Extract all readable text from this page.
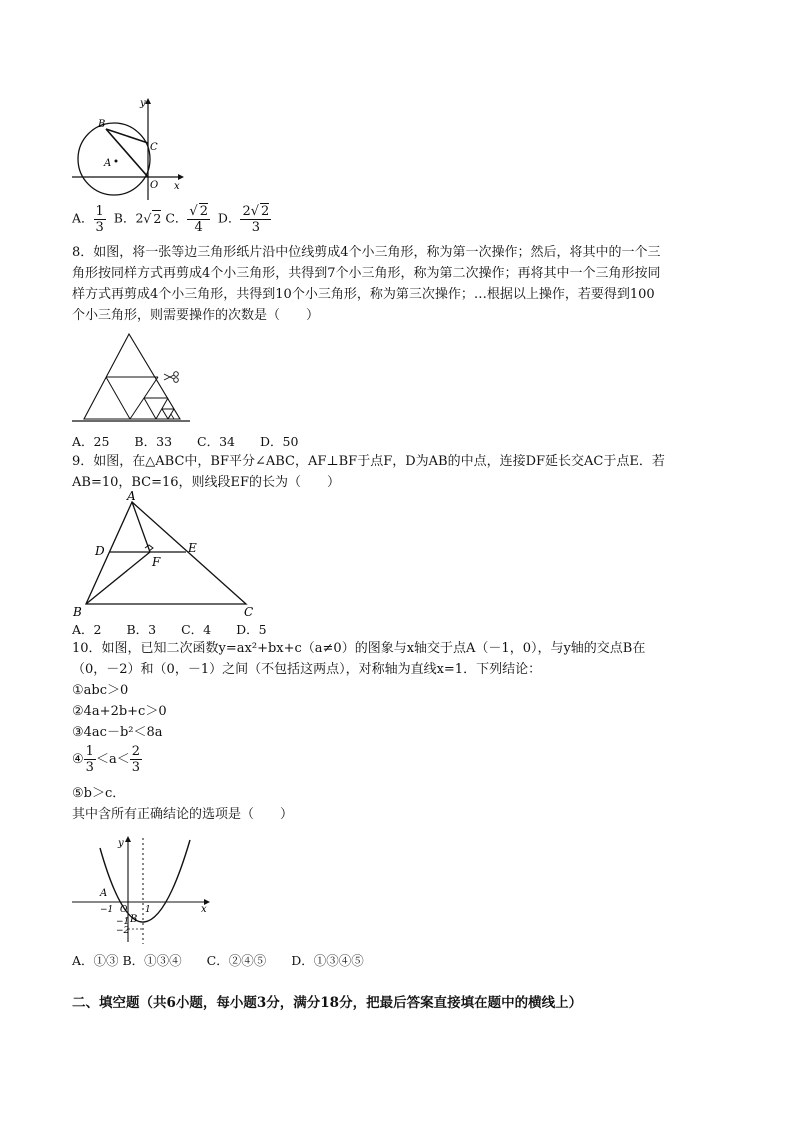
y
x
B
C
A
O
A． $\frac{1}{3}$ B．2√ 2 C． $\frac{√ 2}{4}$ D． $\frac{2√ 2}{3}$
8．如图，将一张等边三角形纸片沿中位线剪成4个小三角形，称为第一次操作；然后，将其中的一个三
角形按同样方式再剪成4个小三角形，共得到7个小三角形，称为第二次操作；再将其中一个三角形按同
样方式再剪成4个小三角形，共得到10个小三角形，称为第三次操作；…根据以上操作，若要得到100
个小三角形，则需要操作的次数是（　　）
A．25　　B．33　　C．34　　D．50
9．如图，在△ABC中，BF平分∠ABC，AF⊥BF于点F，D为AB的中点，连接DF延长交AC于点E．若
AB=10，BC=16，则线段EF的长为（　　）
A
D	E
F
B	C
A．2　　B．3　　C．4　　D．5
10．如图，已知二次函数y=ax²+bx+c（a≠0）的图象与x轴交于点A（－1，0），与y轴的交点B在
（0，－2）和（0，－1）之间（不包括这两点），对称轴为直线x=1．下列结论：
①abc＞0
②4a+2b+c＞0
③4ac－b²＜8a
④ $\frac{1}{3} <a< \frac{2}{3}$
⑤b＞c．
其中含所有正确结论的选项是（　　）
y
x
A
−1 O 1
−1 B
−2
A．①③ B．①③④　　C．②④⑤　　D．①③④⑤
二、填空题（共6小题，每小题3分，满分18分，把最后答案直接填在题中的横线上）
